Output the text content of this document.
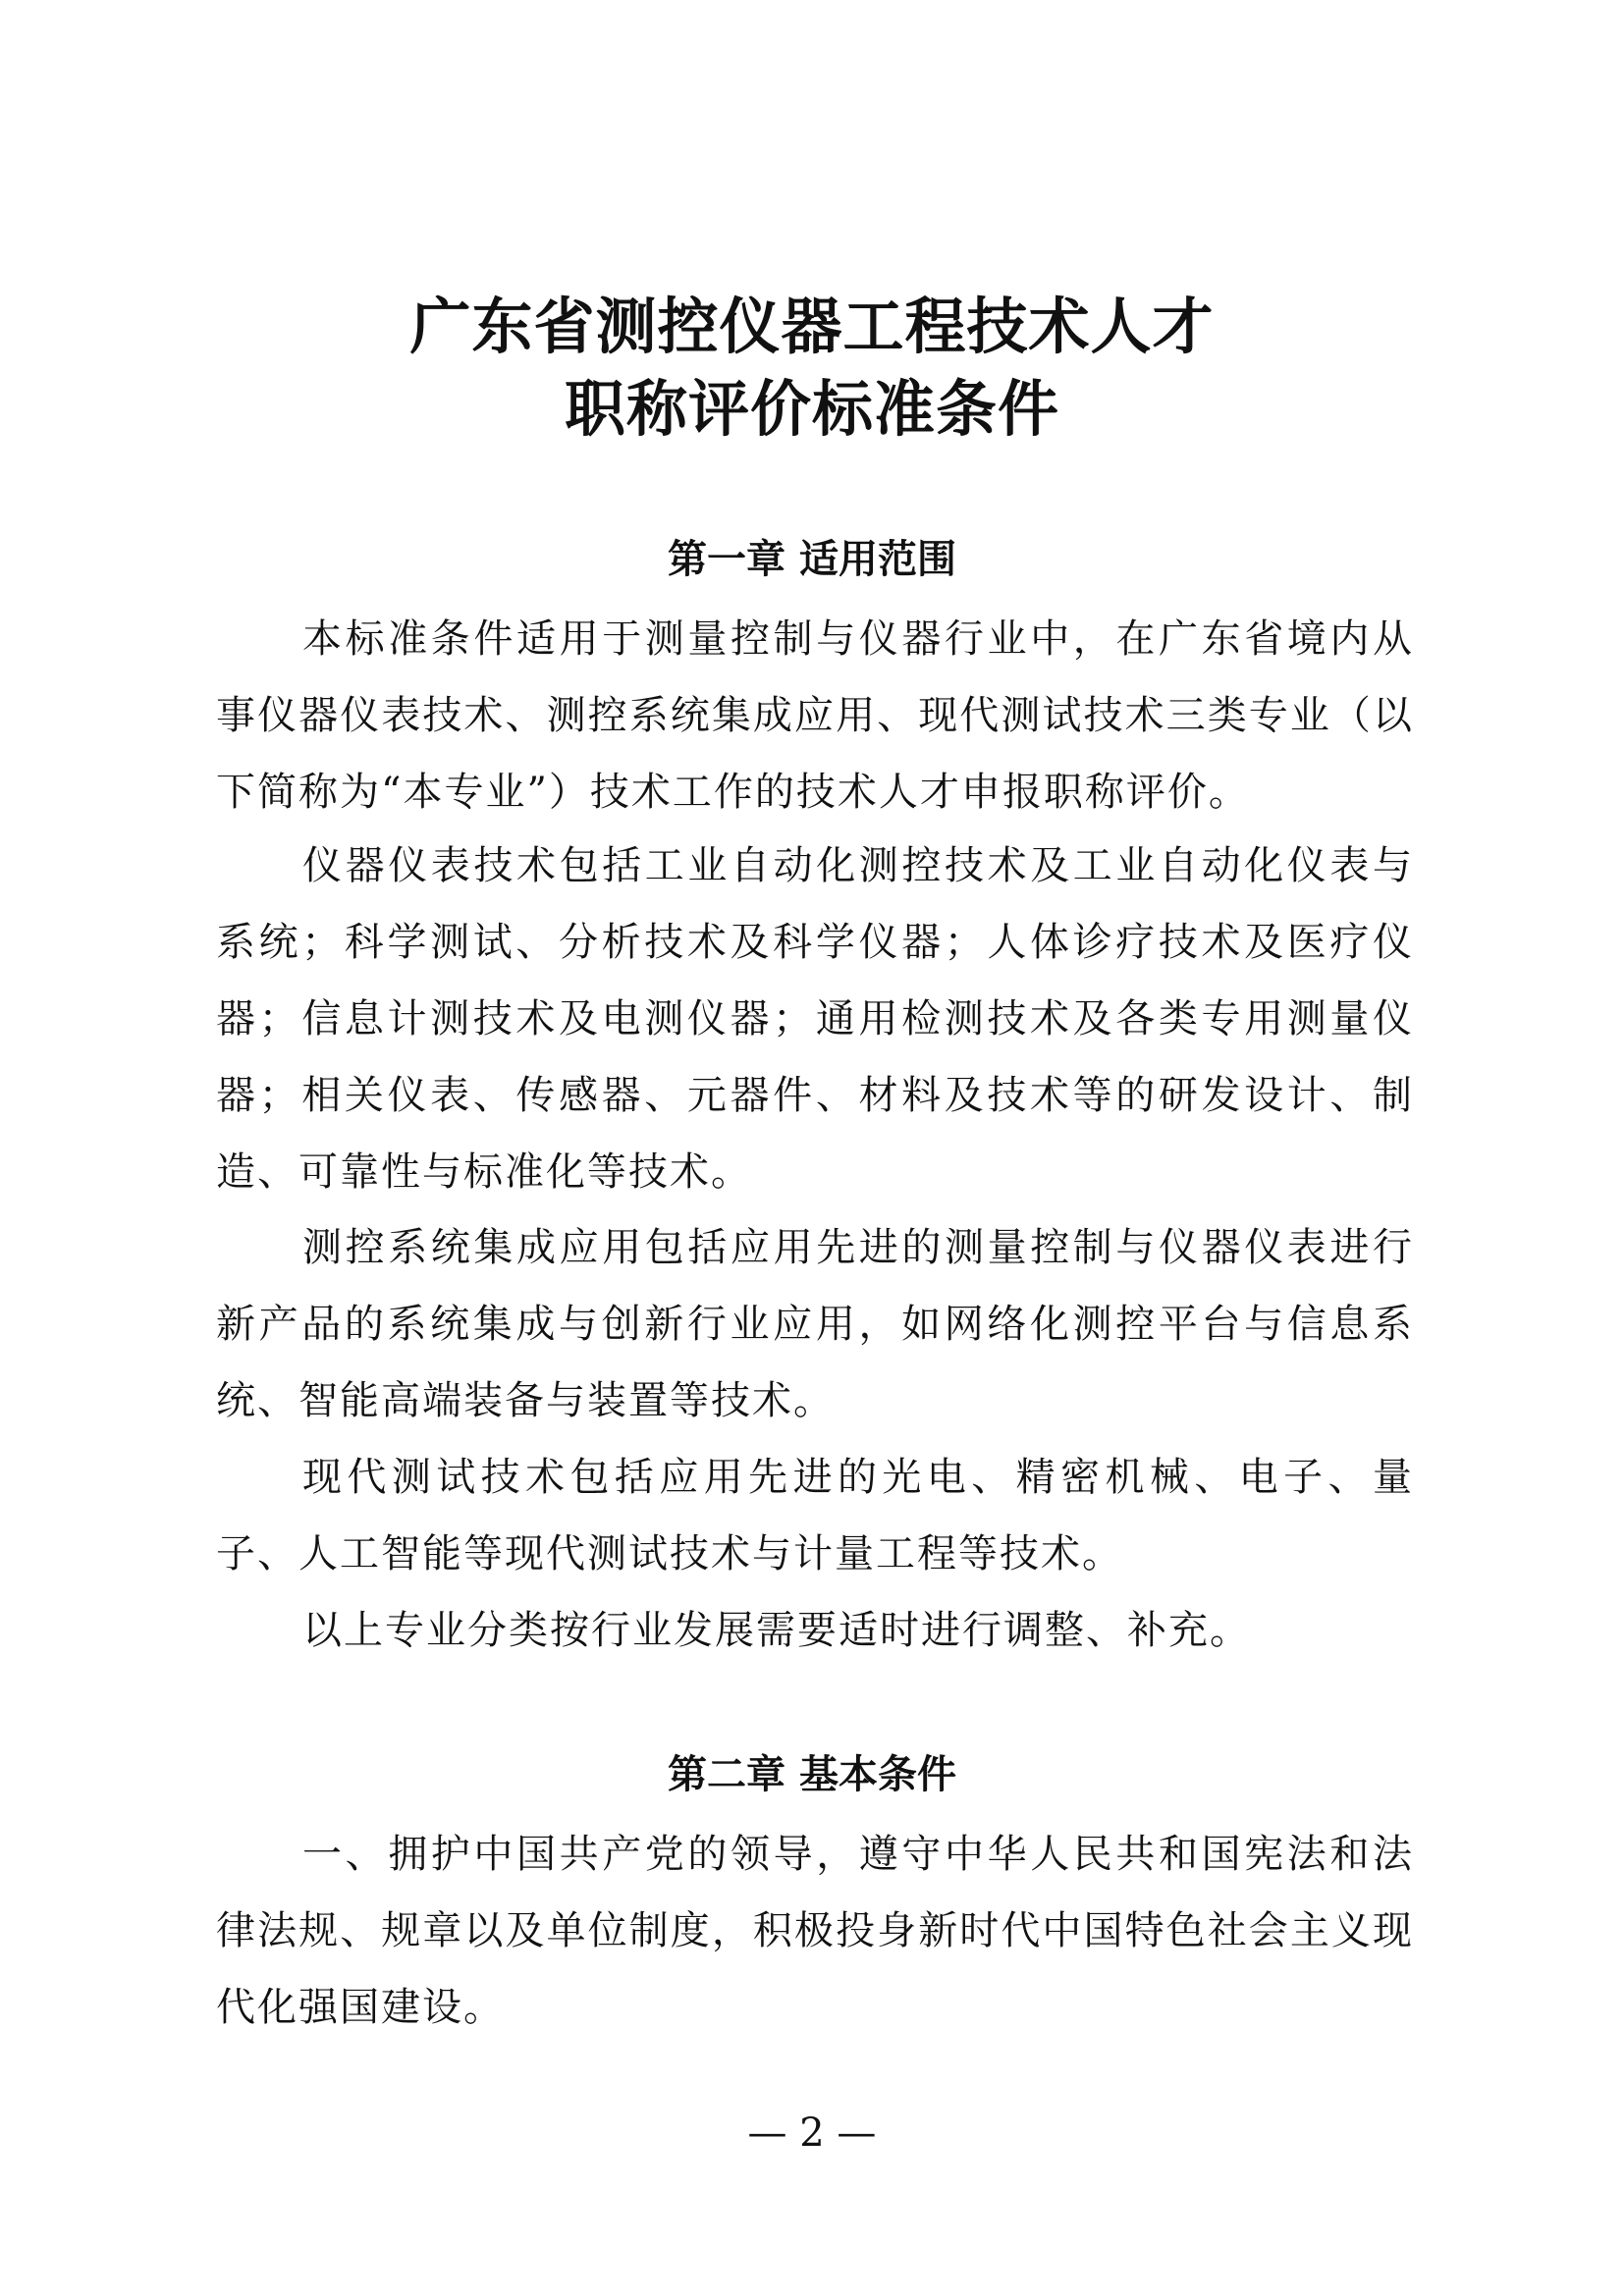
广东省测控仪器工程技术人才
职称评价标准条件
第一章 适用范围

本标准条件适用于测量控制与仪器行业中，在广东省境内从事仪器仪表技术、测控系统集成应用、现代测试技术三类专业（以下简称为“本专业”）技术工作的技术人才申报职称评价。

仪器仪表技术包括工业自动化测控技术及工业自动化仪表与系统；科学测试、分析技术及科学仪器；人体诊疗技术及医疗仪器；信息计测技术及电测仪器；通用检测技术及各类专用测量仪器；相关仪表、传感器、元器件、材料及技术等的研发设计、制造、可靠性与标准化等技术。

测控系统集成应用包括应用先进的测量控制与仪器仪表进行新产品的系统集成与创新行业应用，如网络化测控平台与信息系统、智能高端装备与装置等技术。

现代测试技术包括应用先进的光电、精密机械、电子、量子、人工智能等现代测试技术与计量工程等技术。

以上专业分类按行业发展需要适时进行调整、补充。

第二章 基本条件

一、拥护中国共产党的领导，遵守中华人民共和国宪法和法律法规、规章以及单位制度，积极投身新时代中国特色社会主义现代化强国建设。

— 2 —
